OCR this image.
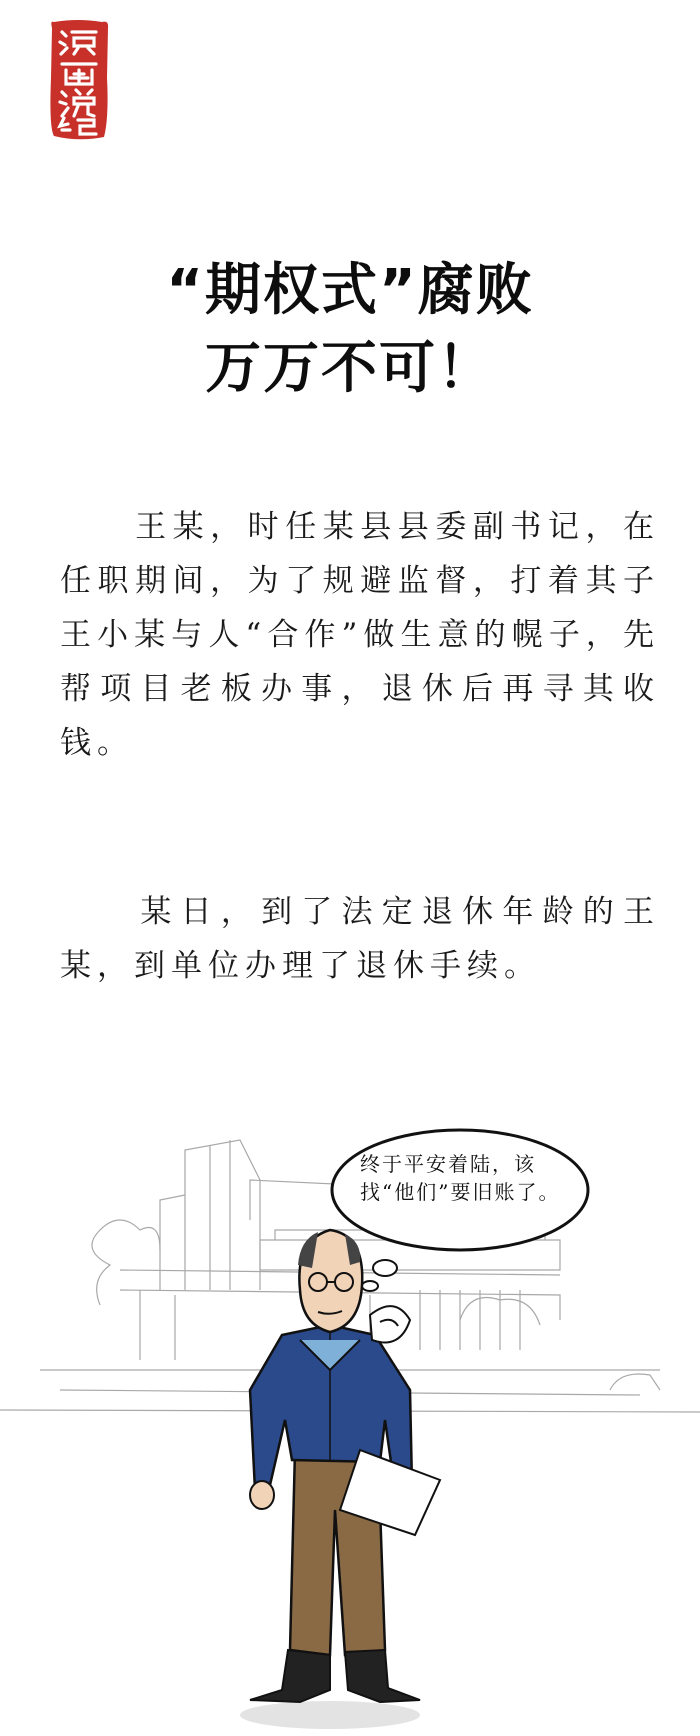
“期权式”腐败
万万不可！
　　王某，时任某县县委副书记，在任职期间，为了规避监督，打着其子王小某与人“合作”做生意的幌子，先帮项目老板办事，退休后再寻其收钱。
　　某日，到了法定退休年龄的王某，到单位办理了退休手续。
终于平安着陆，该找“他们”要旧账了。
